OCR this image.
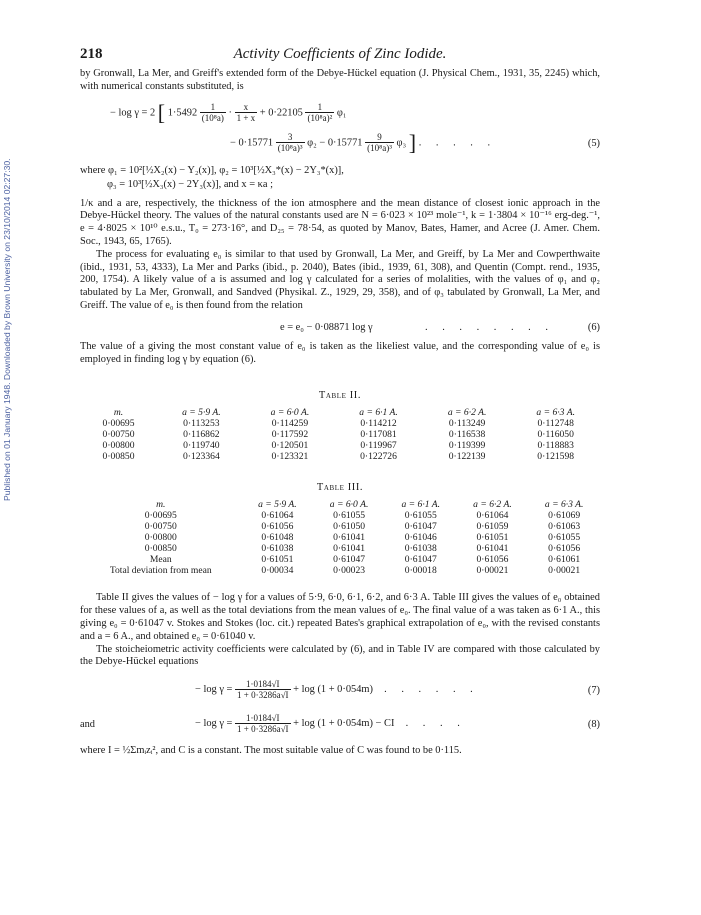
Published on 01 January 1948. Downloaded by Brown University on 23/10/2014 02:27:30.
218	Activity Coefficients of Zinc Iodide.

by Gronwall, La Mer, and Greiff's extended form of the Debye-Hückel equation (J. Physical Chem., 1931, 35, 2245) which, with numerical constants substituted, is

− log γ = 2 [ $1\cdot 5492 \frac{1}{\text{(10⁸a)}} \cdot \frac{x}{1 + x} + 0\cdot 22105 \frac{1}{\text{(10⁸a)²}} \varphi_1$
− $0\cdot 15771 \frac{3}{\text{(10⁸a)³}} \varphi_2 - 0\cdot 15771 \frac{9}{\text{(10⁸a)³}} \varphi_3$ ] . . . . .	(5)
where φ₁ = 10²[½X₂(x) − Y₂(x)], φ₂ = 10³[½X₃*(x) − 2Y₃*(x)],
φ₃ = 10³[½X₃(x) − 2Y₃(x)], and x = κa ;

1/κ and a are, respectively, the thickness of the ion atmosphere and the mean distance of closest ionic approach in the Debye-Hückel theory. The values of the natural constants used are N = 6·023 × 10²³ mole⁻¹, k = 1·3804 × 10⁻¹⁶ erg-deg.⁻¹, e = 4·8025 × 10¹⁰ e.s.u., T₀ = 273·16°, and D₂₅ = 78·54, as quoted by Manov, Bates, Hamer, and Acree (J. Amer. Chem. Soc., 1943, 65, 1765).

The process for evaluating e₀ is similar to that used by Gronwall, La Mer, and Greiff, by La Mer and Cowperthwaite (ibid., 1931, 53, 4333), La Mer and Parks (ibid., p. 2040), Bates (ibid., 1939, 61, 308), and Quentin (Compt. rend., 1935, 200, 1754). A likely value of a is assumed and log γ calculated for a series of molalities, with the values of φ₁ and φ₂ tabulated by La Mer, Gronwall, and Sandved (Physikal. Z., 1929, 29, 358), and of φ₃ tabulated by Gronwall, La Mer, and Greiff. The value of e₀ is then found from the relation

e = e₀ − 0·08871 log γ	. . . . . . . .	(6)

The value of a giving the most constant value of e₀ is taken as the likeliest value, and the corresponding value of e₀ is employed in finding log γ by equation (6).

Table II.
m.	a = 5·9 A.	a = 6·0 A.	a = 6·1 A.	a = 6·2 A.	a = 6·3 A.
0·00695	0·113253	0·114259	0·114212	0·113249	0·112748
0·00750	0·116862	0·117592	0·117081	0·116538	0·116050
0·00800	0·119740	0·120501	0·119967	0·119399	0·118883
0·00850	0·123364	0·123321	0·122726	0·122139	0·121598
Table III.
m.	a = 5·9 A.	a = 6·0 A.	a = 6·1 A.	a = 6·2 A.	a = 6·3 A.
0·00695	0·61064	0·61055	0·61055	0·61064	0·61069
0·00750	0·61056	0·61050	0·61047	0·61059	0·61063
0·00800	0·61048	0·61041	0·61046	0·61051	0·61055
0·00850	0·61038	0·61041	0·61038	0·61041	0·61056
Mean	0·61051	0·61047	0·61047	0·61056	0·61061
Total deviation from mean	0·00034	0·00023	0·00018	0·00021	0·00021

Table II gives the values of − log γ for a values of 5·9, 6·0, 6·1, 6·2, and 6·3 A. Table III gives the values of e₀ obtained for these values of a, as well as the total deviations from the mean values of e₀. The final value of a was taken as 6·1 A., this giving e₀ = 0·61047 v. Stokes and Stokes (loc. cit.) repeated Bates's graphical extrapolation of e₀, with the revised constants and a = 6 A., and obtained e₀ = 0·61040 v.

The stoicheiometric activity coefficients were calculated by (6), and in Table IV are compared with those calculated by the Debye-Hückel equations

− $\log \gamma = \frac{1\cdot 0184√I}{1 + 0\cdot 3286a√I} + \log (1 + 0\cdot 054m)$  . . . . . .	(7)
and	− $\log \gamma = \frac{1\cdot 0184√I}{1 + 0\cdot 3286a√I} + \log (1 + 0\cdot 054m)$ − CI  . . . .	(8)

where I = ½Σmᵢzᵢ², and C is a constant. The most suitable value of C was found to be 0·115.
